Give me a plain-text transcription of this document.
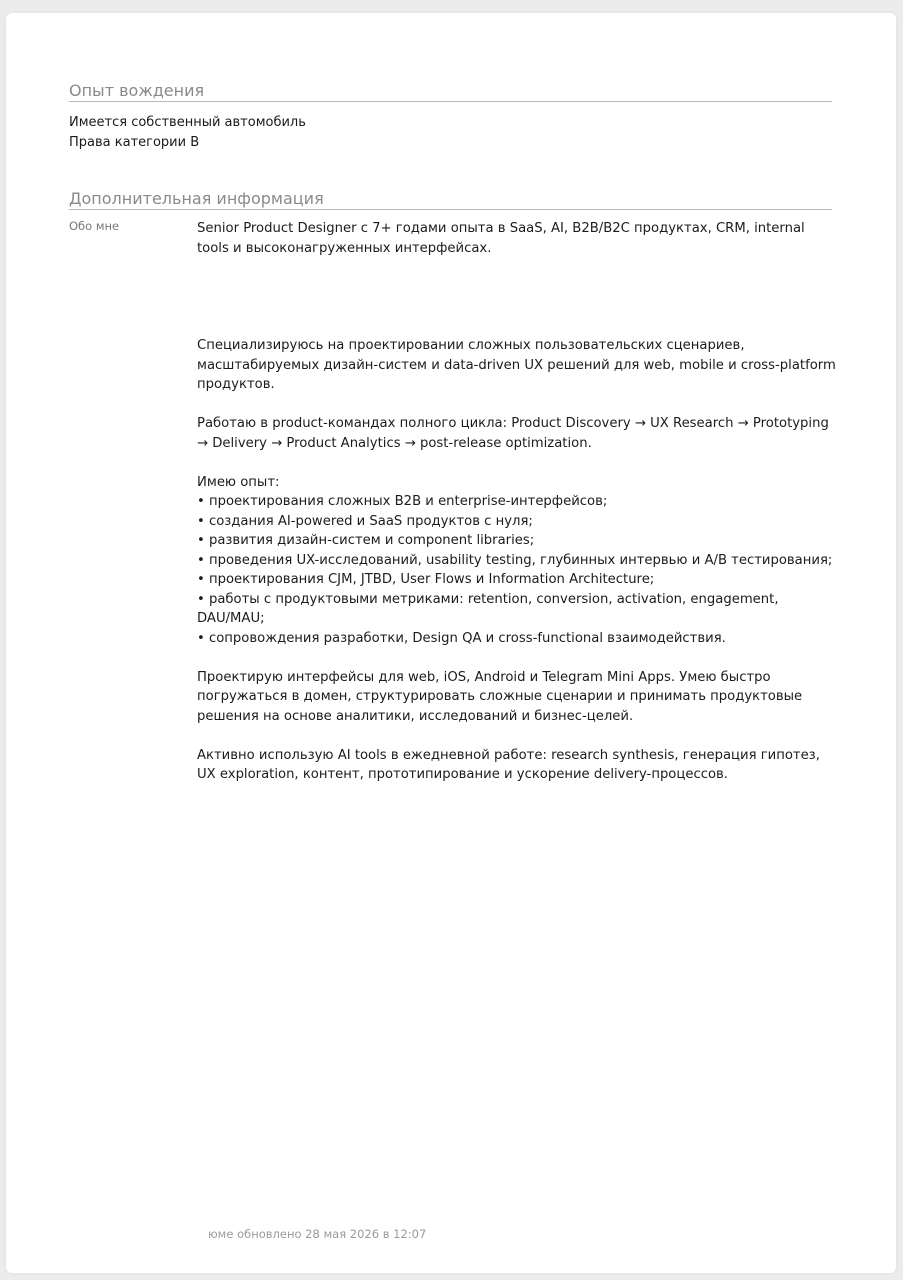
Опыт вождения
Имеется собственный автомобиль
Права категории B
Дополнительная информация
Обо мне	Senior Product Designer с 7+ годами опыта в SaaS, AI, B2B/B2C продуктах, CRM, internal tools и высоконагруженных интерфейсах.

Специализируюсь на проектировании сложных пользовательских сценариев, масштабируемых дизайн-систем и data-driven UX решений для web, mobile и cross-platform продуктов.

Работаю в product-командах полного цикла: Product Discovery → UX Research → Prototyping → Delivery → Product Analytics → post-release optimization.

Имею опыт:

• проектирования сложных B2B и enterprise-интерфейсов;

• создания AI-powered и SaaS продуктов с нуля;

• развития дизайн-систем и component libraries;

• проведения UX-исследований, usability testing, глубинных интервью и A/B тестирования;

• проектирования CJM, JTBD, User Flows и Information Architecture;

• работы с продуктовыми метриками: retention, conversion, activation, engagement, DAU/MAU;

• сопровождения разработки, Design QA и cross-functional взаимодействия.

Проектирую интерфейсы для web, iOS, Android и Telegram Mini Apps. Умею быстро погружаться в домен, структурировать сложные сценарии и принимать продуктовые решения на основе аналитики, исследований и бизнес-целей.

Активно использую AI tools в ежедневной работе: research synthesis, генерация гипотез, UX exploration, контент, прототипирование и ускорение delivery-процессов.

юме обновлено 28 мая 2026 в 12:07
